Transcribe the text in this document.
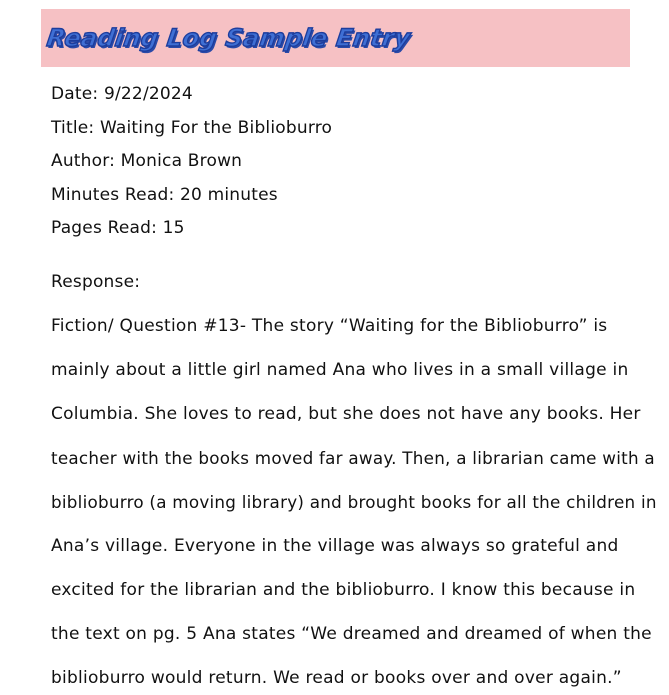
Reading Log Sample Entry
Date: 9/22/2024
Title: Waiting For the Biblioburro
Author: Monica Brown
Minutes Read: 20 minutes
Pages Read: 15
Response:
Fiction/ Question #13- The story “Waiting for the Biblioburro” is
mainly about a little girl named Ana who lives in a small village in
Columbia. She loves to read, but she does not have any books. Her
teacher with the books moved far away. Then, a librarian came with a
biblioburro (a moving library) and brought books for all the children in
Ana’s village. Everyone in the village was always so grateful and
excited for the librarian and the biblioburro. I know this because in
the text on pg. 5 Ana states “We dreamed and dreamed of when the
biblioburro would return. We read or books over and over again.”
